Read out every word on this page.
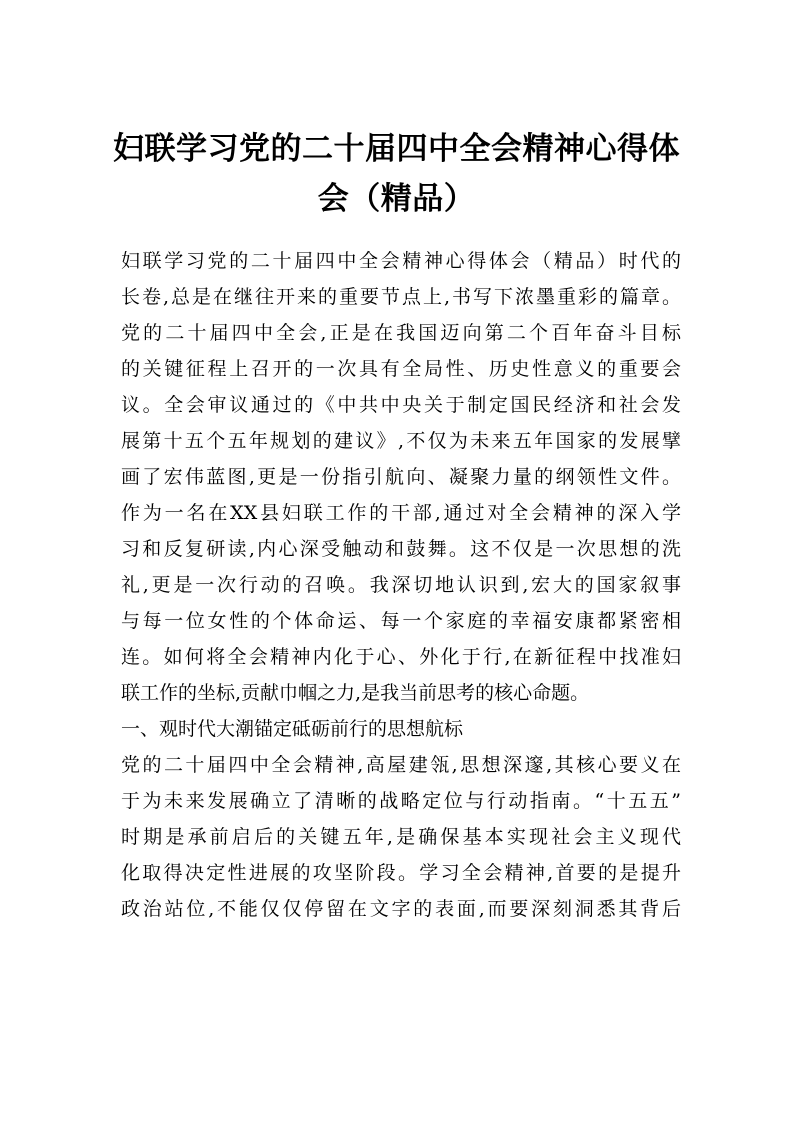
妇联学习党的二十届四中全会精神心得体
会（精品）
妇联学习党的二十届四中全会精神心得体会（精品）时代的
长卷,总是在继往开来的重要节点上,书写下浓墨重彩的篇章。
党的二十届四中全会,正是在我国迈向第二个百年奋斗目标
的关键征程上召开的一次具有全局性、历史性意义的重要会
议。全会审议通过的《中共中央关于制定国民经济和社会发
展第十五个五年规划的建议》,不仅为未来五年国家的发展擘
画了宏伟蓝图,更是一份指引航向、凝聚力量的纲领性文件。
作为一名在XX县妇联工作的干部,通过对全会精神的深入学
习和反复研读,内心深受触动和鼓舞。这不仅是一次思想的洗
礼,更是一次行动的召唤。我深切地认识到,宏大的国家叙事
与每一位女性的个体命运、每一个家庭的幸福安康都紧密相
连。如何将全会精神内化于心、外化于行,在新征程中找准妇
联工作的坐标,贡献巾帼之力,是我当前思考的核心命题。
一、观时代大潮锚定砥砺前行的思想航标
党的二十届四中全会精神,高屋建瓴,思想深邃,其核心要义在
于为未来发展确立了清晰的战略定位与行动指南。“十五五”
时期是承前启后的关键五年,是确保基本实现社会主义现代
化取得决定性进展的攻坚阶段。学习全会精神,首要的是提升
政治站位,不能仅仅停留在文字的表面,而要深刻洞悉其背后
